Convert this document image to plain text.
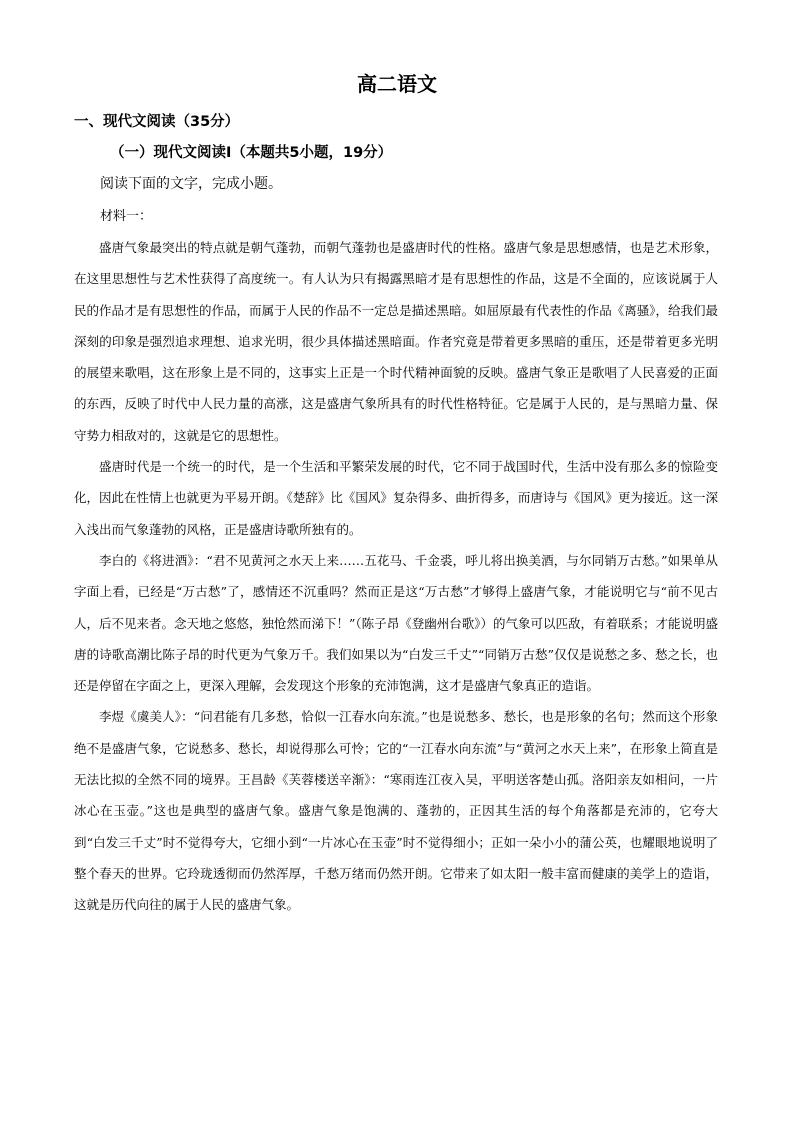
高二语文
一、现代文阅读（35分）
（一）现代文阅读Ⅰ（本题共5小题，19分）
阅读下面的文字，完成小题。
材料一：

盛唐气象最突出的特点就是朝气蓬勃，而朝气蓬勃也是盛唐时代的性格。盛唐气象是思想感情，也是艺术形象，在这里思想性与艺术性获得了高度统一。有人认为只有揭露黑暗才是有思想性的作品，这是不全面的，应该说属于人民的作品才是有思想性的作品，而属于人民的作品不一定总是描述黑暗。如屈原最有代表性的作品《离骚》，给我们最深刻的印象是强烈追求理想、追求光明，很少具体描述黑暗面。作者究竟是带着更多黑暗的重压，还是带着更多光明的展望来歌唱，这在形象上是不同的，这事实上正是一个时代精神面貌的反映。盛唐气象正是歌唱了人民喜爱的正面的东西，反映了时代中人民力量的高涨，这是盛唐气象所具有的时代性格特征。它是属于人民的，是与黑暗力量、保守势力相敌对的，这就是它的思想性。

盛唐时代是一个统一的时代，是一个生活和平繁荣发展的时代，它不同于战国时代，生活中没有那么多的惊险变化，因此在性情上也就更为平易开朗。《楚辞》比《国风》复杂得多、曲折得多，而唐诗与《国风》更为接近。这一深入浅出而气象蓬勃的风格，正是盛唐诗歌所独有的。

李白的《将进酒》：“君不见黄河之水天上来……五花马、千金裘，呼儿将出换美酒，与尔同销万古愁。”如果单从字面上看，已经是“万古愁”了，感情还不沉重吗？然而正是这“万古愁”才够得上盛唐气象，才能说明它与“前不见古人，后不见来者。念天地之悠悠，独怆然而涕下！”（陈子昂《登幽州台歌》）的气象可以匹敌，有着联系；才能说明盛唐的诗歌高潮比陈子昂的时代更为气象万千。我们如果以为“白发三千丈”“同销万古愁”仅仅是说愁之多、愁之长，也还是停留在字面之上，更深入理解，会发现这个形象的充沛饱满，这才是盛唐气象真正的造诣。

李煜《虞美人》：“问君能有几多愁，恰似一江春水向东流。”也是说愁多、愁长，也是形象的名句；然而这个形象绝不是盛唐气象，它说愁多、愁长，却说得那么可怜；它的“一江春水向东流”与“黄河之水天上来”，在形象上简直是无法比拟的全然不同的境界。王昌龄《芙蓉楼送辛渐》：“寒雨连江夜入吴，平明送客楚山孤。洛阳亲友如相问，一片冰心在玉壶。”这也是典型的盛唐气象。盛唐气象是饱满的、蓬勃的，正因其生活的每个角落都是充沛的，它夸大到“白发三千丈”时不觉得夸大，它细小到“一片冰心在玉壶”时不觉得细小；正如一朵小小的蒲公英，也耀眼地说明了整个春天的世界。它玲珑透彻而仍然浑厚，千愁万绪而仍然开朗。它带来了如太阳一般丰富而健康的美学上的造诣，这就是历代向往的属于人民的盛唐气象。
